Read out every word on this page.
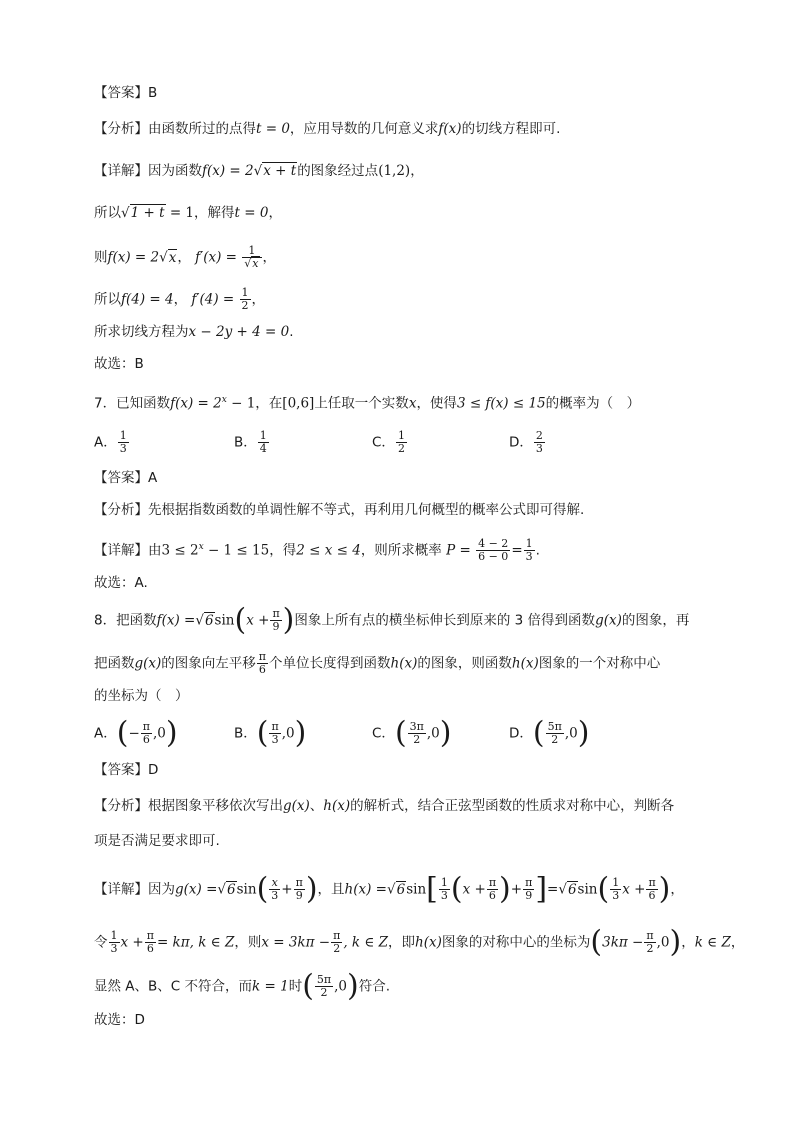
【答案】B
【分析】由函数所过的点得t = 0，应用导数的几何意义求f(x)的切线方程即可.
【详解】因为函数f(x) = 2√x + t的图象经过点(1,2)，
所以√1 + t = 1，解得t = 0，
则f(x) = 2√x， $f'(x) = \frac{1}{√x}$ ，
所以f(4) = 4， $f'(4) = \frac{1}{2}$ ，
所求切线方程为x − 2y + 4 = 0.
故选：B
7．已知函数$f(x) = 2^x - 1$，在[0,6]上任取一个实数x，使得3 ≤ f(x) ≤ 15的概率为（　）
A． $\frac{1}{3}$	B． $\frac{1}{4}$	C． $\frac{1}{2}$	D． $\frac{2}{3}$
【答案】A
【分析】先根据指数函数的单调性解不等式，再利用几何概型的概率公式即可得解.
【详解】由$3 \le 2^x - 1 \le 15$，得2 ≤ x ≤ 4，则所求概率 $P = \frac{4 - 2}{6 - 0} = \frac{1}{3}$ .
故选：A.
8．把函数$f(x) =√6\sin(x + \frac{\pi}{9}$ )图象上所有点的横坐标伸长到原来的 3 倍得到函数g(x)的图象，再
把函数g(x)的图象向左平移 $\frac{\pi}{6}$ 个单位长度得到函数h(x)的图象，则函数h(x)图象的一个对称中心
的坐标为（　）
A．(− $\frac{\pi}{6} ,0$)	B．( $\frac{\pi}{3} ,0$)	C．( $\frac{3\pi}{2} ,0$)	D．( $\frac{5\pi}{2} ,0$)
【答案】D
【分析】根据图象平移依次写出g(x)、h(x)的解析式，结合正弦型函数的性质求对称中心，判断各
项是否满足要求即可.
【详解】因为$g(x) =√6\sin( \frac{x}{3} + \frac{\pi}{9}$ )，且$h(x) =√6\sin[ \frac{1}{3} (x + \frac{\pi}{6}$ )+ $\frac{\pi}{9} ]=√6\sin( \frac{1}{3}$ $x + \frac{\pi}{6}$ )，
令 $\frac{1}{3}$ $x + \frac{\pi}{6} = k\pi$, k ∈ Z，则$x = 3k\pi - \frac{\pi}{2}$ , k ∈ Z，即h(x)图象的对称中心的坐标为$(3k\pi - \frac{\pi}{2} ,0)$，k ∈ Z，
显然 A、B、C 不符合，而k = 1时( $\frac{5\pi}{2} ,0$)符合.
故选：D
